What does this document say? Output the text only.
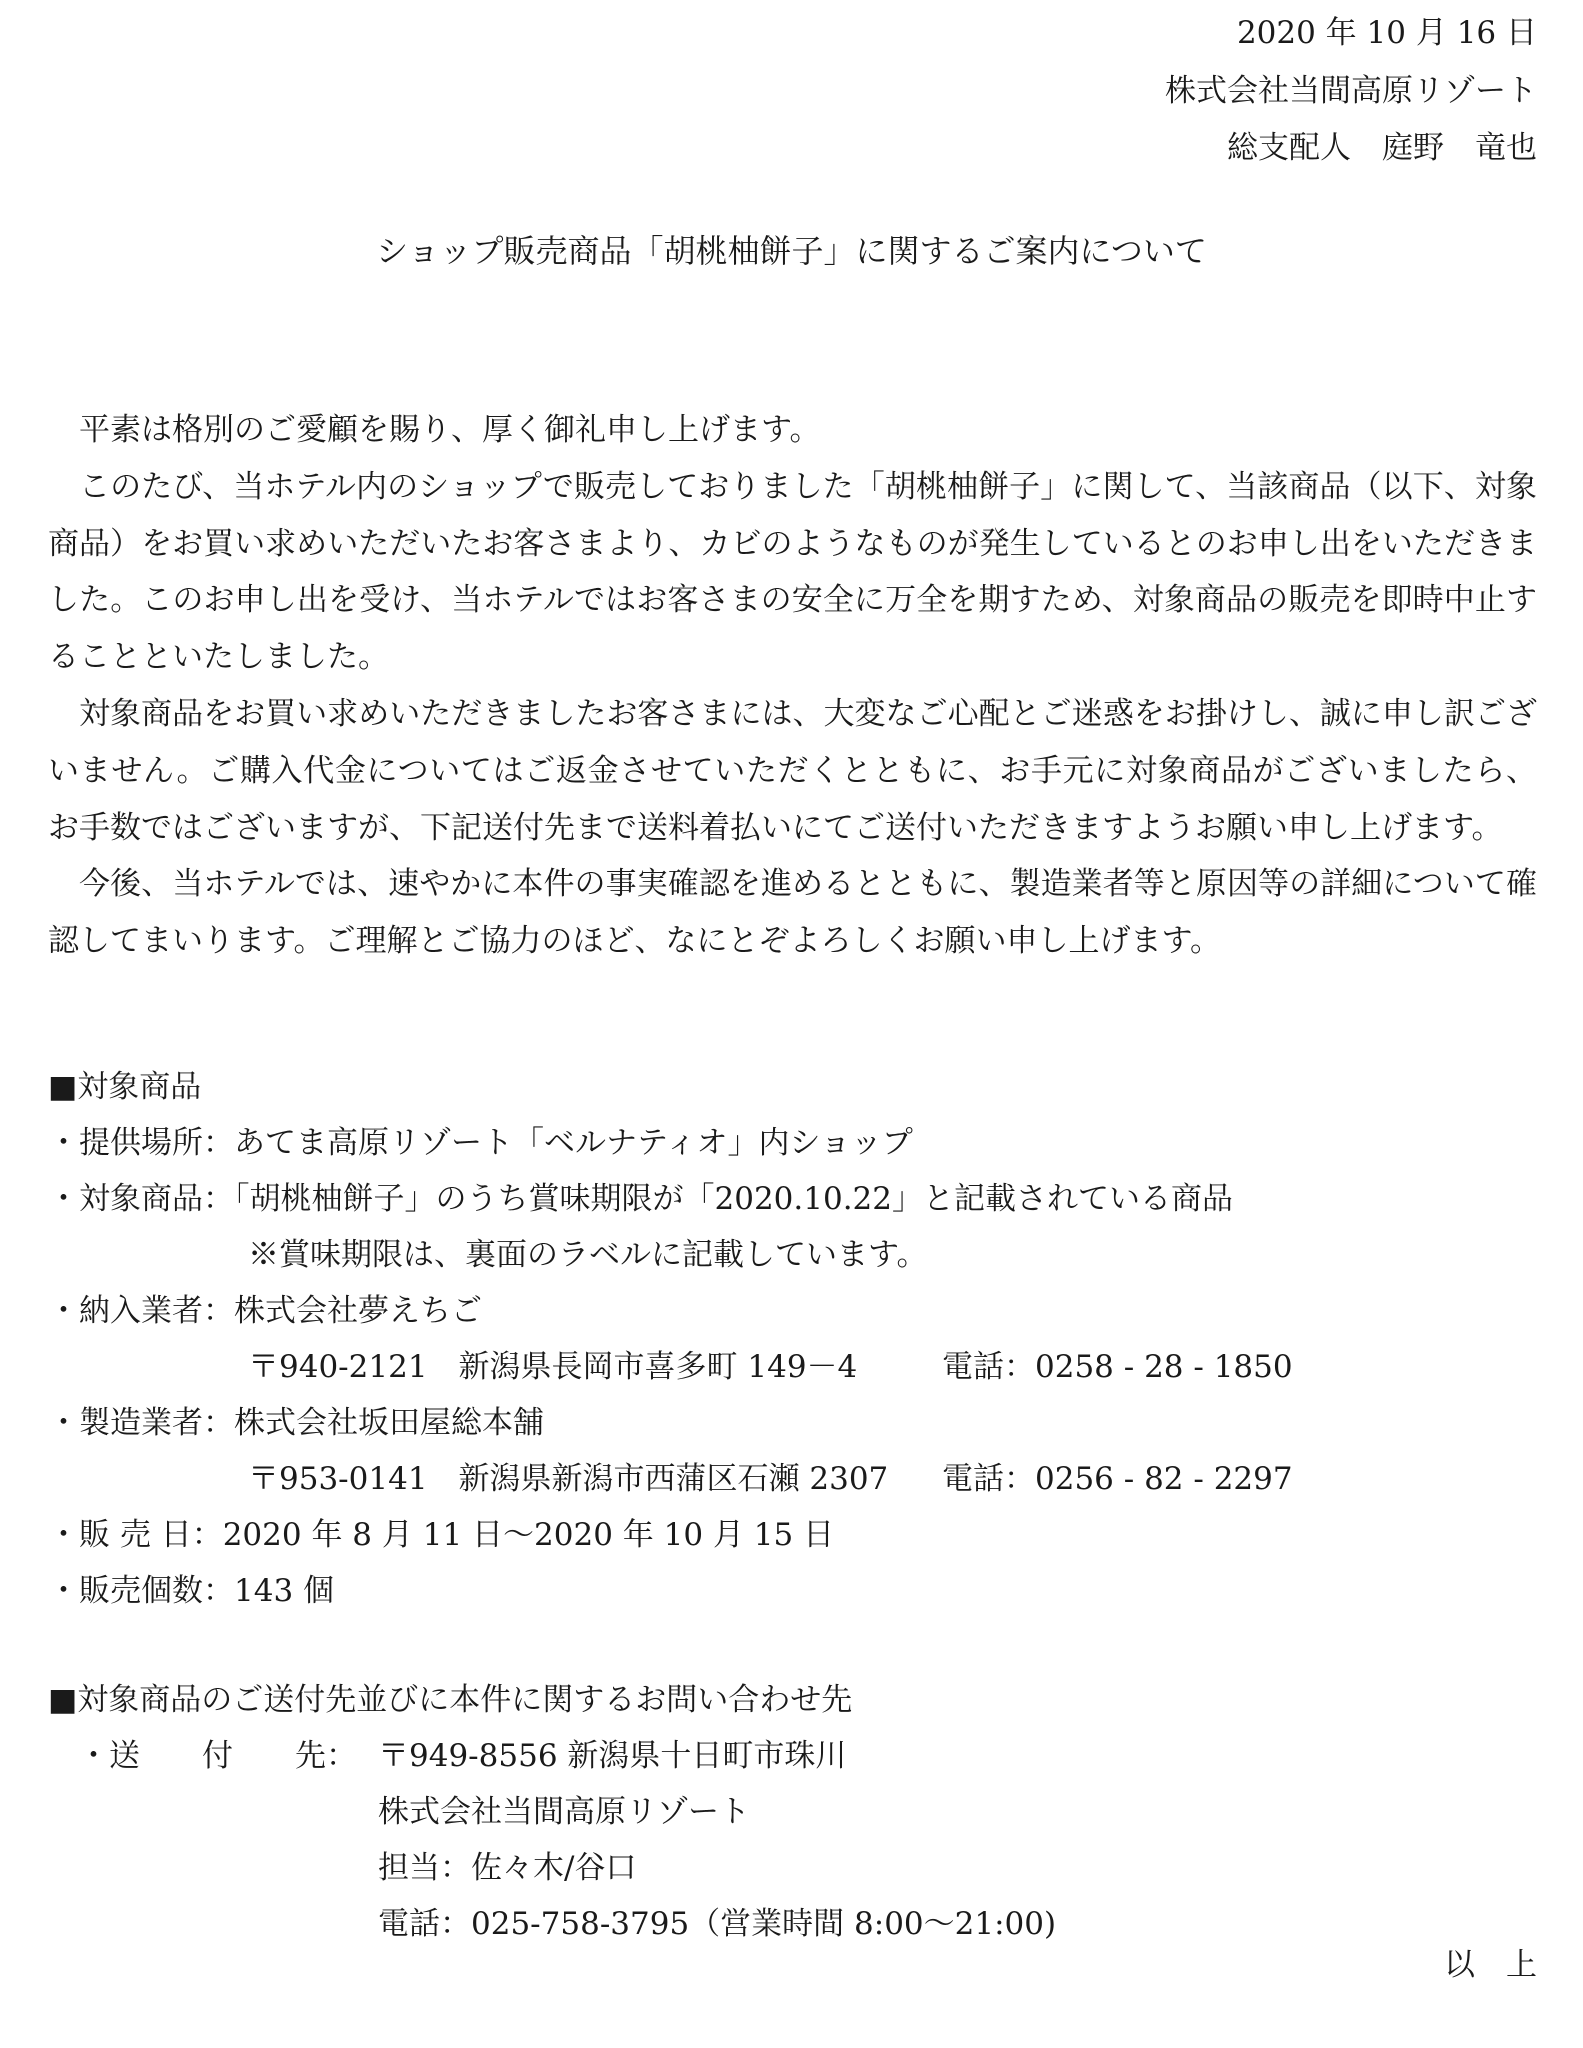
2020 年 10 月 16 日
株式会社当間高原リゾート
総支配人　庭野　竜也
ショップ販売商品「胡桃柚餅子」に関するご案内について

平素は格別のご愛顧を賜り、厚く御礼申し上げます。

このたび、当ホテル内のショップで販売しておりました「胡桃柚餅子」に関して、当該商品（以下、対象商品）をお買い求めいただいたお客さまより、カビのようなものが発生しているとのお申し出をいただきました。このお申し出を受け、当ホテルではお客さまの安全に万全を期すため、対象商品の販売を即時中止することといたしました。

対象商品をお買い求めいただきましたお客さまには、大変なご心配とご迷惑をお掛けし、誠に申し訳ございません。ご購入代金についてはご返金させていただくとともに、お手元に対象商品がございましたら、お手数ではございますが、下記送付先まで送料着払いにてご送付いただきますようお願い申し上げます。

今後、当ホテルでは、速やかに本件の事実確認を進めるとともに、製造業者等と原因等の詳細について確認してまいります。ご理解とご協力のほど、なにとぞよろしくお願い申し上げます。

■対象商品
・提供場所：あてま高原リゾート「ベルナティオ」内ショップ
・対象商品：「胡桃柚餅子」のうち賞味期限が「2020.10.22」と記載されている商品
※賞味期限は、裏面のラベルに記載しています。
・納入業者：株式会社夢えちご
〒940-2121　新潟県長岡市喜多町 149－4	電話：0258 - 28 - 1850
・製造業者：株式会社坂田屋総本舗
〒953-0141　新潟県新潟市西蒲区石瀬 2307 電話：0256 - 82 - 2297
・販 売 日：2020 年 8 月 11 日～2020 年 10 月 15 日
・販売個数：143 個
■対象商品のご送付先並びに本件に関するお問い合わせ先
・送　　付　　先： 〒949-8556 新潟県十日町市珠川
株式会社当間高原リゾート
担当：佐々木/谷口
電話：025-758-3795（営業時間 8:00～21:00)
以　上
